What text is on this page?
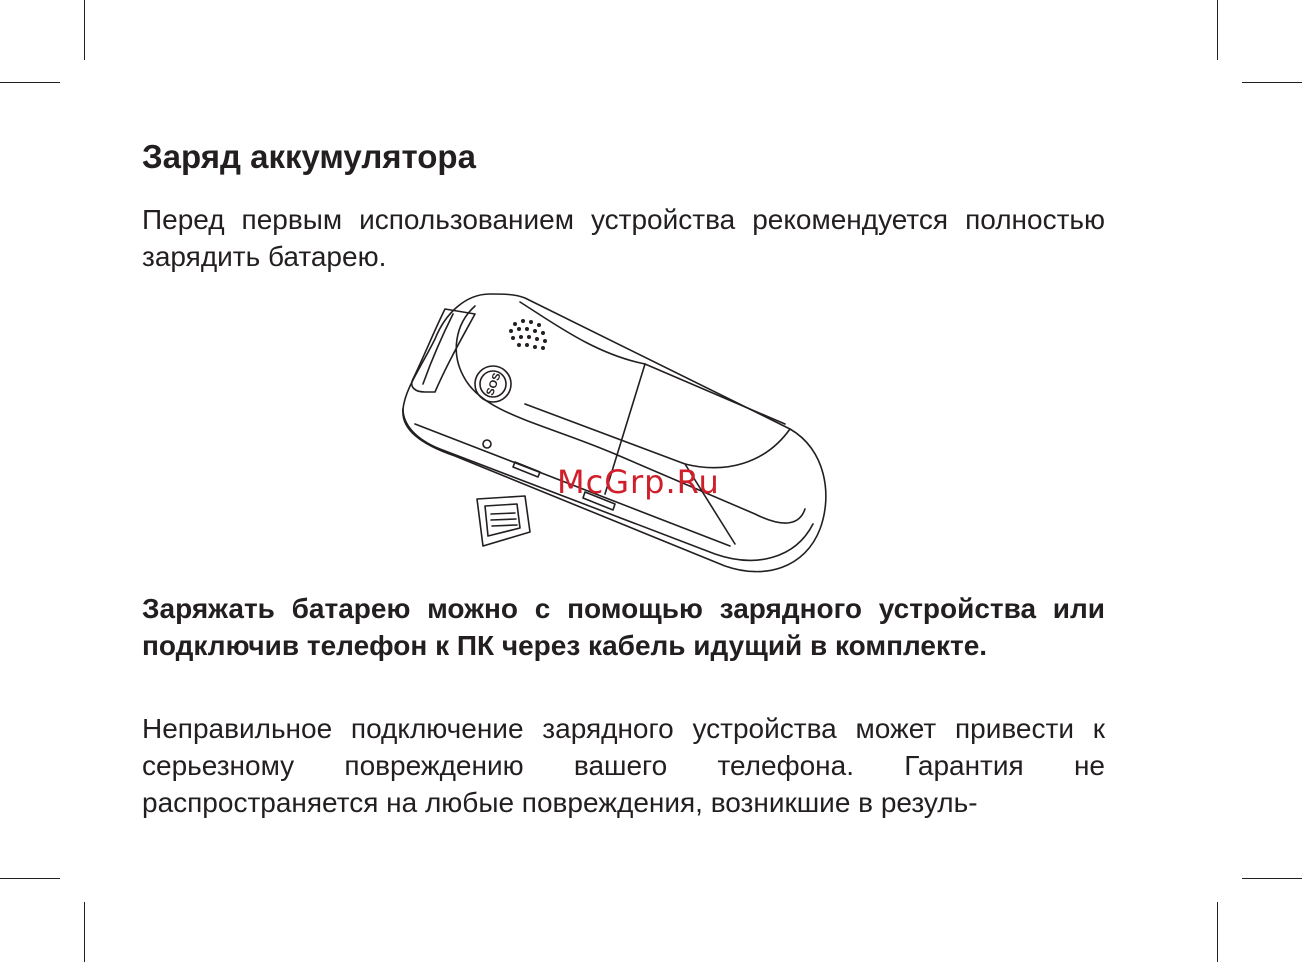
Заряд аккумулятора

Перед первым использованием устройства рекомендуется полностью зарядить батарею.

SOS
McGrp.Ru

Заряжать батарею можно с помощью зарядного устройства или подключив телефон к ПК через кабель идущий в комплекте.

Неправильное подключение зарядного устройства может привести к серьезному повреждению вашего телефона. Гарантия не распространяется на любые повреждения, возникшие в резуль-
